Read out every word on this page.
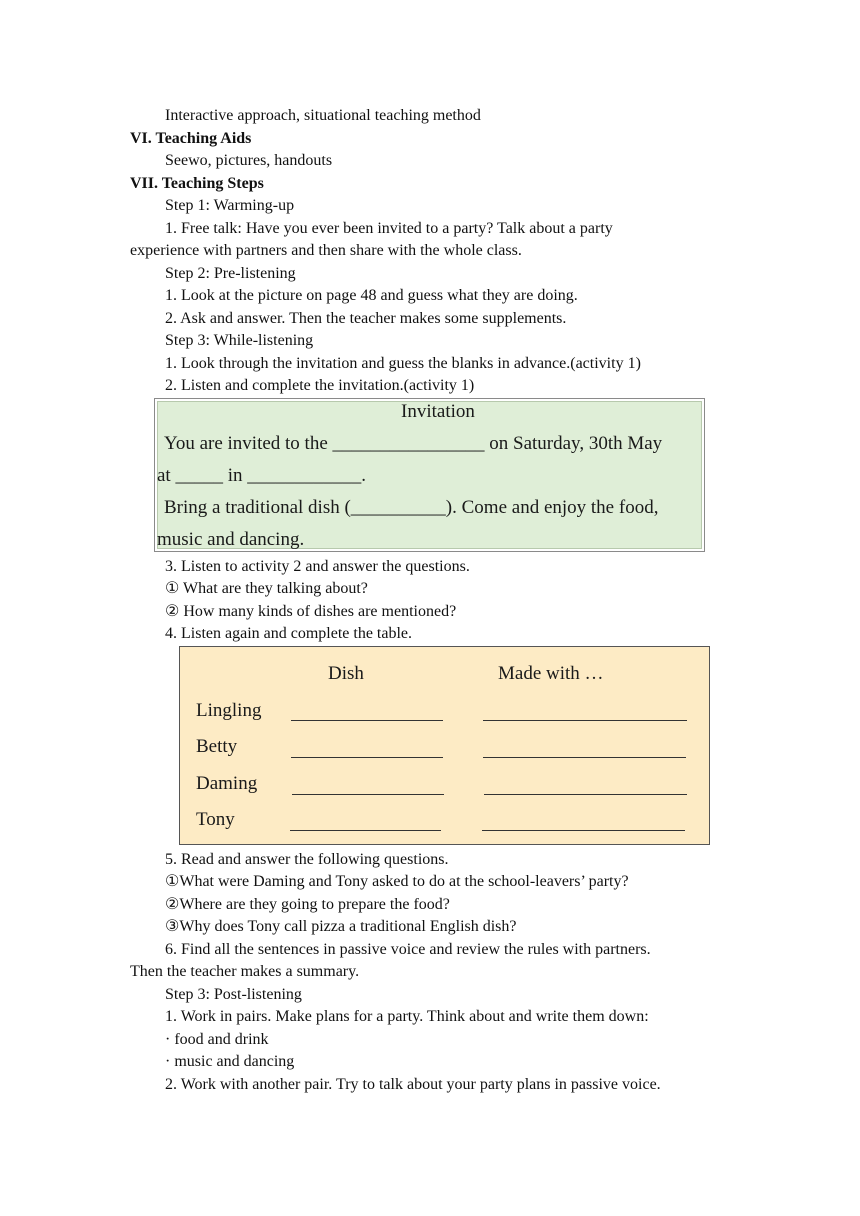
Interactive approach, situational teaching method
VI. Teaching Aids
Seewo, pictures, handouts
VII. Teaching Steps
Step 1: Warming-up
1. Free talk: Have you ever been invited to a party? Talk about a party
experience with partners and then share with the whole class.
Step 2: Pre-listening
1. Look at the picture on page 48 and guess what they are doing.
2. Ask and answer. Then the teacher makes some supplements.
Step 3: While-listening
1. Look through the invitation and guess the blanks in advance.(activity 1)
2. Listen and complete the invitation.(activity 1)
Invitation
You are invited to the ________________ on Saturday, 30th May
at _____ in ____________.
Bring a traditional dish (__________). Come and enjoy the food,
music and dancing.
3. Listen to activity 2 and answer the questions.
① What are they talking about?
② How many kinds of dishes are mentioned?
4. Listen again and complete the table.
Dish	Made with …
Lingling
Betty
Daming
Tony
5. Read and answer the following questions.
①What were Daming and Tony asked to do at the school-leavers’ party?
②Where are they going to prepare the food?
③Why does Tony call pizza a traditional English dish?
6. Find all the sentences in passive voice and review the rules with partners.
Then the teacher makes a summary.
Step 3: Post-listening
1. Work in pairs. Make plans for a party. Think about and write them down:
· food and drink
· music and dancing
2. Work with another pair. Try to talk about your party plans in passive voice.
